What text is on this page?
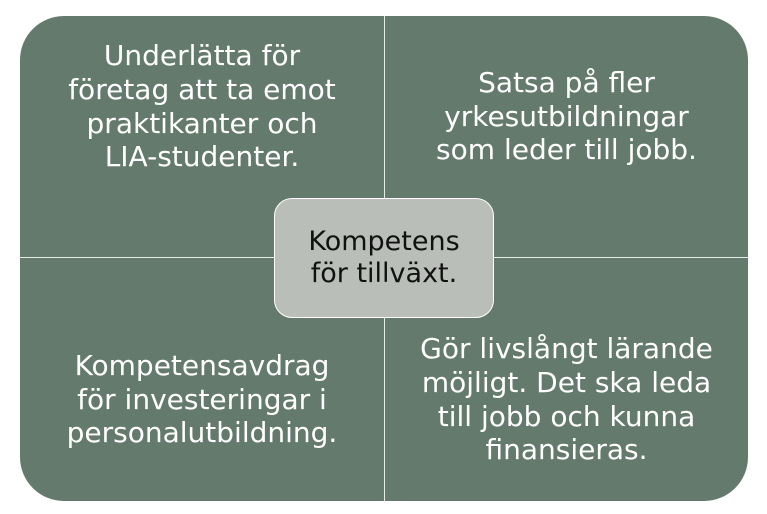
Underlätta för
företag att ta emot
praktikanter och
LIA-studenter.
Satsa på fler
yrkesutbildningar
som leder till jobb.
Kompetensavdrag
för investeringar i
personalutbildning.
Gör livslångt lärande
möjligt. Det ska leda
till jobb och kunna
finansieras.
Kompetens
för tillväxt.
